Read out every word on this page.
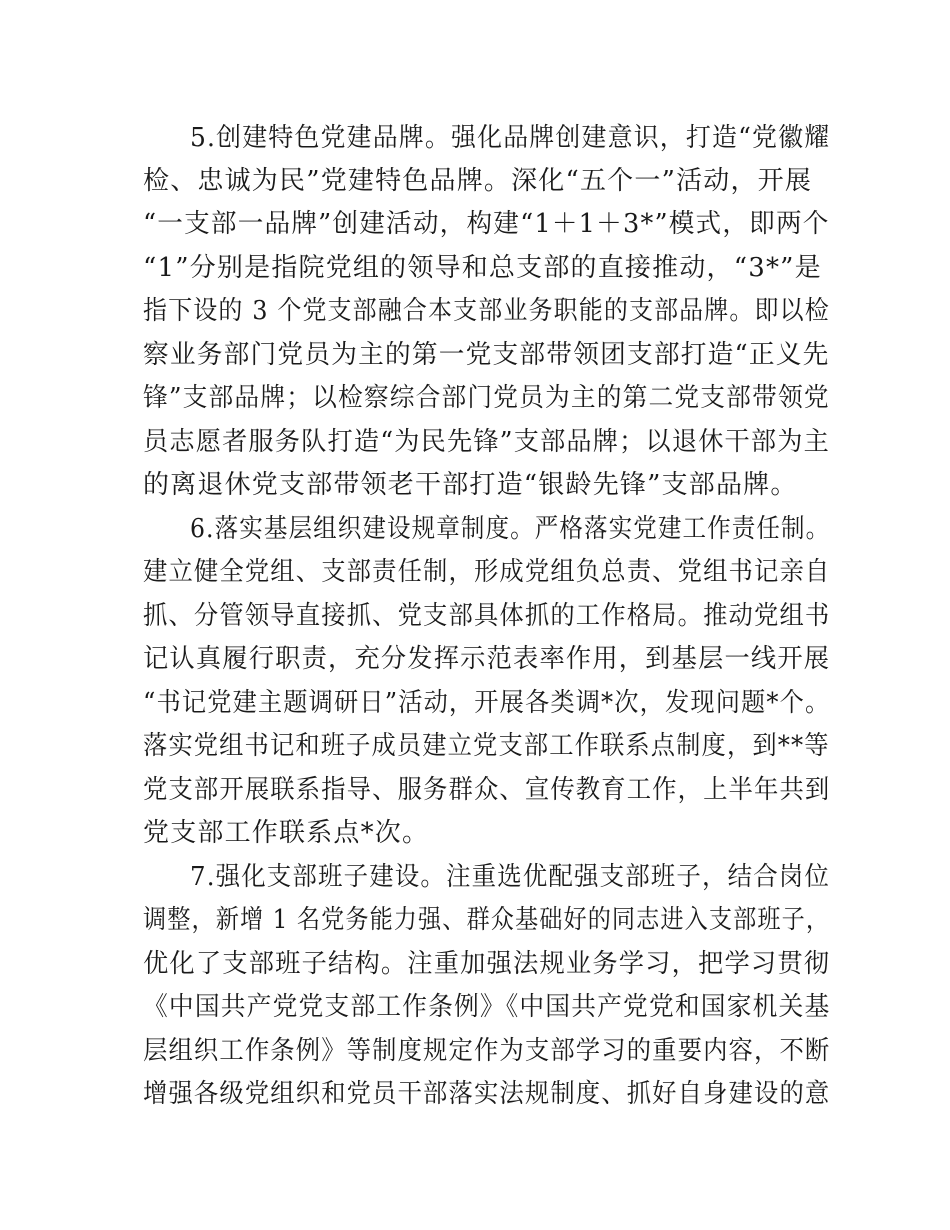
5.创建特色党建品牌。强化品牌创建意识，打造“党徽耀
检、忠诚为民”党建特色品牌。深化“五个一”活动，开展
“一支部一品牌”创建活动，构建“1＋1＋3*”模式，即两个
“1”分别是指院党组的领导和总支部的直接推动，“3*”是
指下设的 3 个党支部融合本支部业务职能的支部品牌。即以检
察业务部门党员为主的第一党支部带领团支部打造“正义先
锋”支部品牌；以检察综合部门党员为主的第二党支部带领党
员志愿者服务队打造“为民先锋”支部品牌；以退休干部为主
的离退休党支部带领老干部打造“银龄先锋”支部品牌。
6.落实基层组织建设规章制度。严格落实党建工作责任制。
建立健全党组、支部责任制，形成党组负总责、党组书记亲自
抓、分管领导直接抓、党支部具体抓的工作格局。推动党组书
记认真履行职责，充分发挥示范表率作用，到基层一线开展
“书记党建主题调研日”活动，开展各类调*次，发现问题*个。
落实党组书记和班子成员建立党支部工作联系点制度，到**等
党支部开展联系指导、服务群众、宣传教育工作，上半年共到
党支部工作联系点*次。
7.强化支部班子建设。注重选优配强支部班子，结合岗位
调整，新增 1 名党务能力强、群众基础好的同志进入支部班子，
优化了支部班子结构。注重加强法规业务学习，把学习贯彻
《中国共产党党支部工作条例》《中国共产党党和国家机关基
层组织工作条例》等制度规定作为支部学习的重要内容，不断
增强各级党组织和党员干部落实法规制度、抓好自身建设的意
